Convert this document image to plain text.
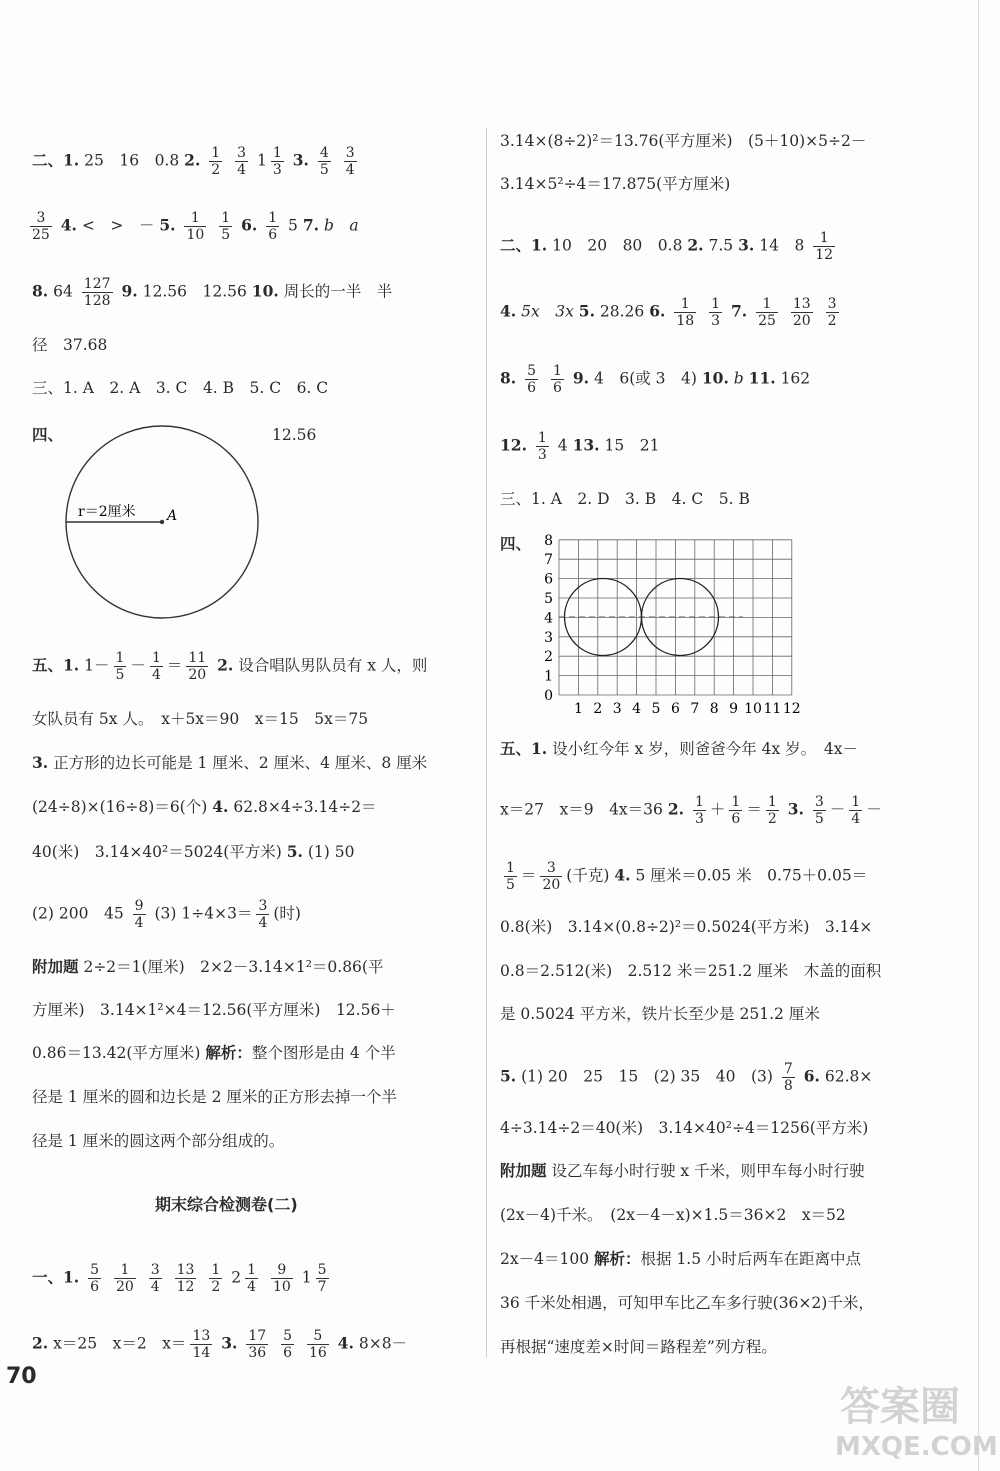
二、1. 25　16　0.8 2. $\frac{1}{2}$
$\frac{3}{4} 1 \frac{1}{3} 3$. $\frac{4}{5}$
$\frac{3}{4}$
$\frac{3}{25} 4$. <　>　－ 5. $\frac{1}{10}$
$\frac{1}{5} 6$. $\frac{1}{6} 5$ 7. b　a
8. $64 \frac{127}{128} 9$. 12.56　12.56 10. 周长的一半　半
径　37.68
三、1. A　2. A　3. C　4. B　5. C　6. C
四、	12.56
r＝2厘米 A
五、1. $1- \frac{1}{5} - \frac{1}{4} = \frac{11}{20} 2$. 设合唱队男队员有 x 人，则
女队员有 5x 人。　x＋5x＝90　x＝15　5x＝75
3. 正方形的边长可能是 1 厘米、2 厘米、4 厘米、8 厘米
(24÷8)×(16÷8)＝6(个) 4. 62.8×4÷3.14÷2＝
40(米)　3.14×40²＝5024(平方米) 5. (1) 50
(2) 200　$45 \frac{9}{4} (3)$ $1\div 4\times 3= \frac{3}{4}$ (时)
附加题 2÷2＝1(厘米)　2×2－3.14×1²＝0.86(平
方厘米)　3.14×1²×4＝12.56(平方厘米)　12.56＋
0.86＝13.42(平方厘米) 解析：整个图形是由 4 个半
径是 1 厘米的圆和边长是 2 厘米的正方形去掉一个半
径是 1 厘米的圆这两个部分组成的。
期末综合检测卷(二)
一、1. $\frac{5}{6}$
$\frac{1}{20}$
$\frac{3}{4}$
$\frac{13}{12}$
$\frac{1}{2} 2 \frac{1}{4}$
$\frac{9}{10} 1 \frac{5}{7}$
2. x＝25　x＝2　$x= \frac{13}{14} 3$. $\frac{17}{36}$
$\frac{5}{6}$
$\frac{5}{16} 4$. 8×8－
70
3.14×(8÷2)²＝13.76(平方厘米)　(5＋10)×5÷2－
3.14×5²÷4＝17.875(平方厘米)
二、1. 10　20　80　0.8 2. 7.5 3. 14　$8 \frac{1}{12}$
4. 5x　3x 5. 28.26 6. $\frac{1}{18}$
$\frac{1}{3} 7$. $\frac{1}{25}$
$\frac{13}{20}$
$\frac{3}{2}$
8. $\frac{5}{6}$
$\frac{1}{6} 9$. 4　6(或 3　4) 10. b 11. 162
12. $\frac{1}{3} 4$ 13. 15　21
三、1. A　2. D　3. B　4. C　5. B
四、
0
1
2
3
4
5
6
7
8
1 2 3 4 5 6 7 8 9 10 11 12
五、1. 设小红今年 x 岁，则爸爸今年 4x 岁。　4x－
x＝27　x＝9　4x＝36 2. $\frac{1}{3} + \frac{1}{6} = \frac{1}{2} 3$. $\frac{3}{5} - \frac{1}{4}$ －
$\frac{1}{5} = \frac{3}{20}$ (千克) 4. 5 厘米＝0.05 米　0.75＋0.05＝
0.8(米)　3.14×(0.8÷2)²＝0.5024(平方米)　3.14×
0.8＝2.512(米)　2.512 米＝251.2 厘米　木盖的面积
是 0.5024 平方米，铁片长至少是 251.2 厘米
5. (1) 20　25　15　(2) 35　40　$(3) \frac{7}{8} 6$. 62.8×
4÷3.14÷2＝40(米)　3.14×40²÷4＝1256(平方米)
附加题 设乙车每小时行驶 x 千米，则甲车每小时行驶
(2x－4)千米。　(2x－4－x)×1.5＝36×2　x＝52
2x－4＝100 解析：根据 1.5 小时后两车在距离中点
36 千米处相遇，可知甲车比乙车多行驶(36×2)千米，
再根据“速度差×时间＝路程差”列方程。
答案圈
MXQE.COM
